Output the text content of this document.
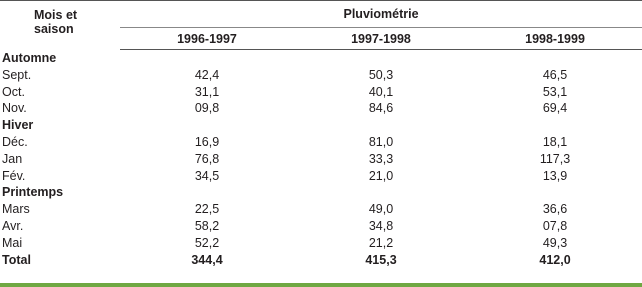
Mois et saison	Pluviométrie		
	1996-1997	1997-1998	1998-1999
Automne			
Sept.	42,4	50,3	46,5
Oct.	31,1	40,1	53,1
Nov.	09,8	84,6	69,4
Hiver			
Déc.	16,9	81,0	18,1
Jan	76,8	33,3	117,3
Fév.	34,5	21,0	13,9
Printemps			
Mars	22,5	49,0	36,6
Avr.	58,2	34,8	07,8
Mai	52,2	21,2	49,3
Total	344,4	415,3	412,0
